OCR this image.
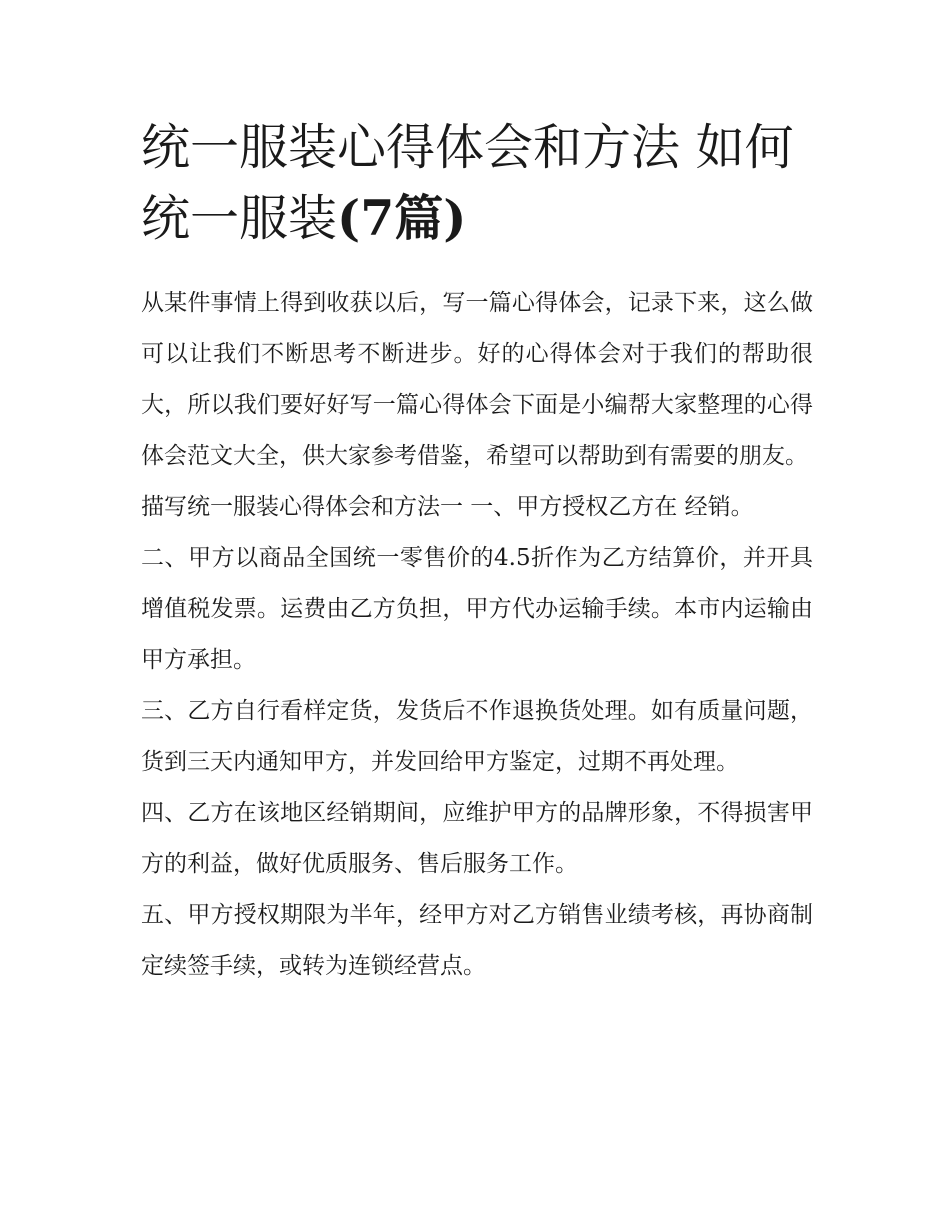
统一服装心得体会和方法 如何统一服装(7篇)

从某件事情上得到收获以后，写一篇心得体会，记录下来，这么做可以让我们不断思考不断进步。好的心得体会对于我们的帮助很大，所以我们要好好写一篇心得体会下面是小编帮大家整理的心得体会范文大全，供大家参考借鉴，希望可以帮助到有需要的朋友。

描写统一服装心得体会和方法一 一、甲方授权乙方在 经销。

二、甲方以商品全国统一零售价的4.5折作为乙方结算价，并开具增值税发票。运费由乙方负担，甲方代办运输手续。本市内运输由甲方承担。

三、乙方自行看样定货，发货后不作退换货处理。如有质量问题，货到三天内通知甲方，并发回给甲方鉴定，过期不再处理。

四、乙方在该地区经销期间，应维护甲方的品牌形象，不得损害甲方的利益，做好优质服务、售后服务工作。

五、甲方授权期限为半年，经甲方对乙方销售业绩考核，再协商制定续签手续，或转为连锁经营点。
